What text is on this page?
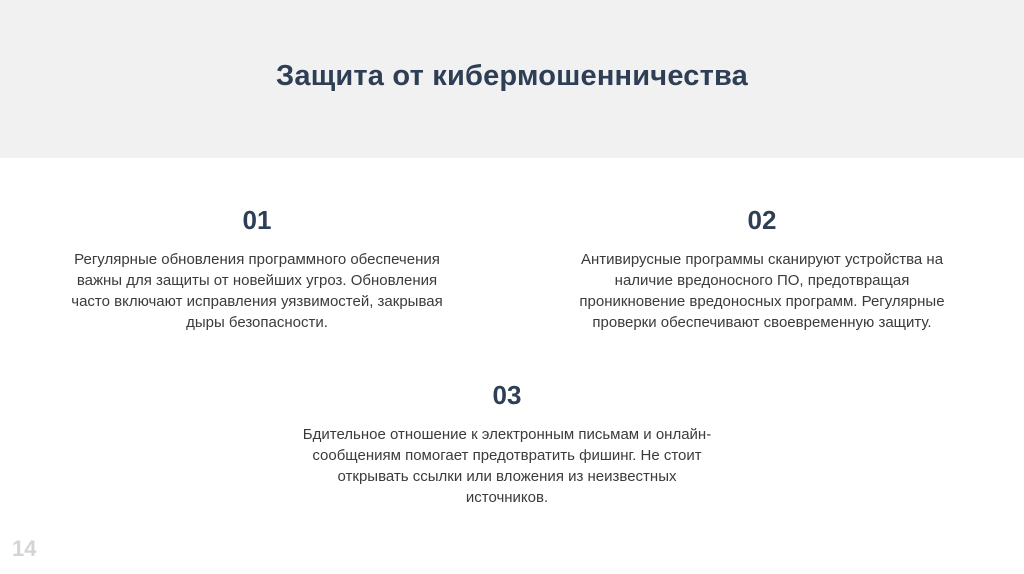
Защита от кибермошенничества
01
Регулярные обновления программного обеспечения важны для защиты от новейших угроз. Обновления часто включают исправления уязвимостей, закрывая дыры безопасности.
02
Антивирусные программы сканируют устройства на наличие вредоносного ПО, предотвращая проникновение вредоносных программ. Регулярные проверки обеспечивают своевременную защиту.
03
Бдительное отношение к электронным письмам и онлайн-сообщениям помогает предотвратить фишинг. Не стоит открывать ссылки или вложения из неизвестных источников.
14
